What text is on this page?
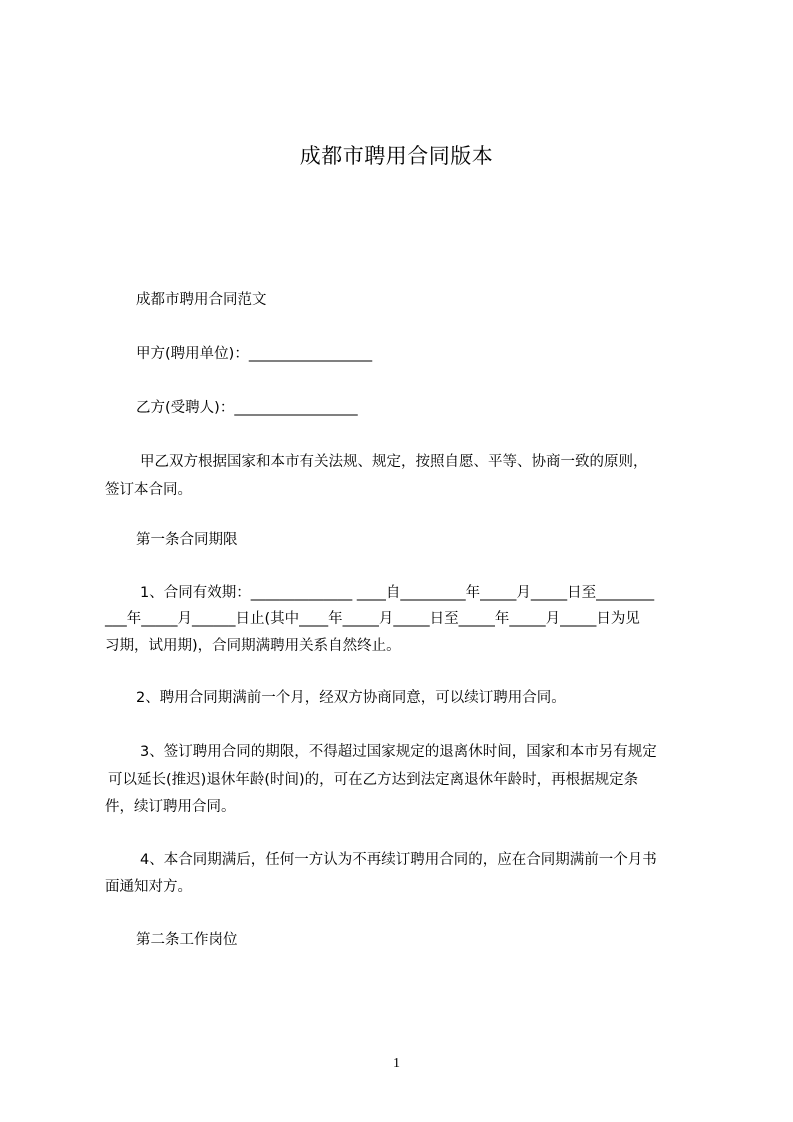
成都市聘用合同版本
成都市聘用合同范文
甲方(聘用单位)：_________________
乙方(受聘人)：_________________
甲乙双方根据国家和本市有关法规、规定，按照自愿、平等、协商一致的原则，
签订本合同。
第一条合同期限
1、合同有效期：______________ ____自_________年_____月_____日至________
___年_____月______日止(其中____年_____月_____日至_____年_____月_____日为见
习期，试用期)，合同期满聘用关系自然终止。
2、聘用合同期满前一个月，经双方协商同意，可以续订聘用合同。
3、签订聘用合同的期限，不得超过国家规定的退离休时间，国家和本市另有规定
可以延长(推迟)退休年龄(时间)的，可在乙方达到法定离退休年龄时，再根据规定条
件，续订聘用合同。
4、本合同期满后，任何一方认为不再续订聘用合同的，应在合同期满前一个月书
面通知对方。
第二条工作岗位
1
